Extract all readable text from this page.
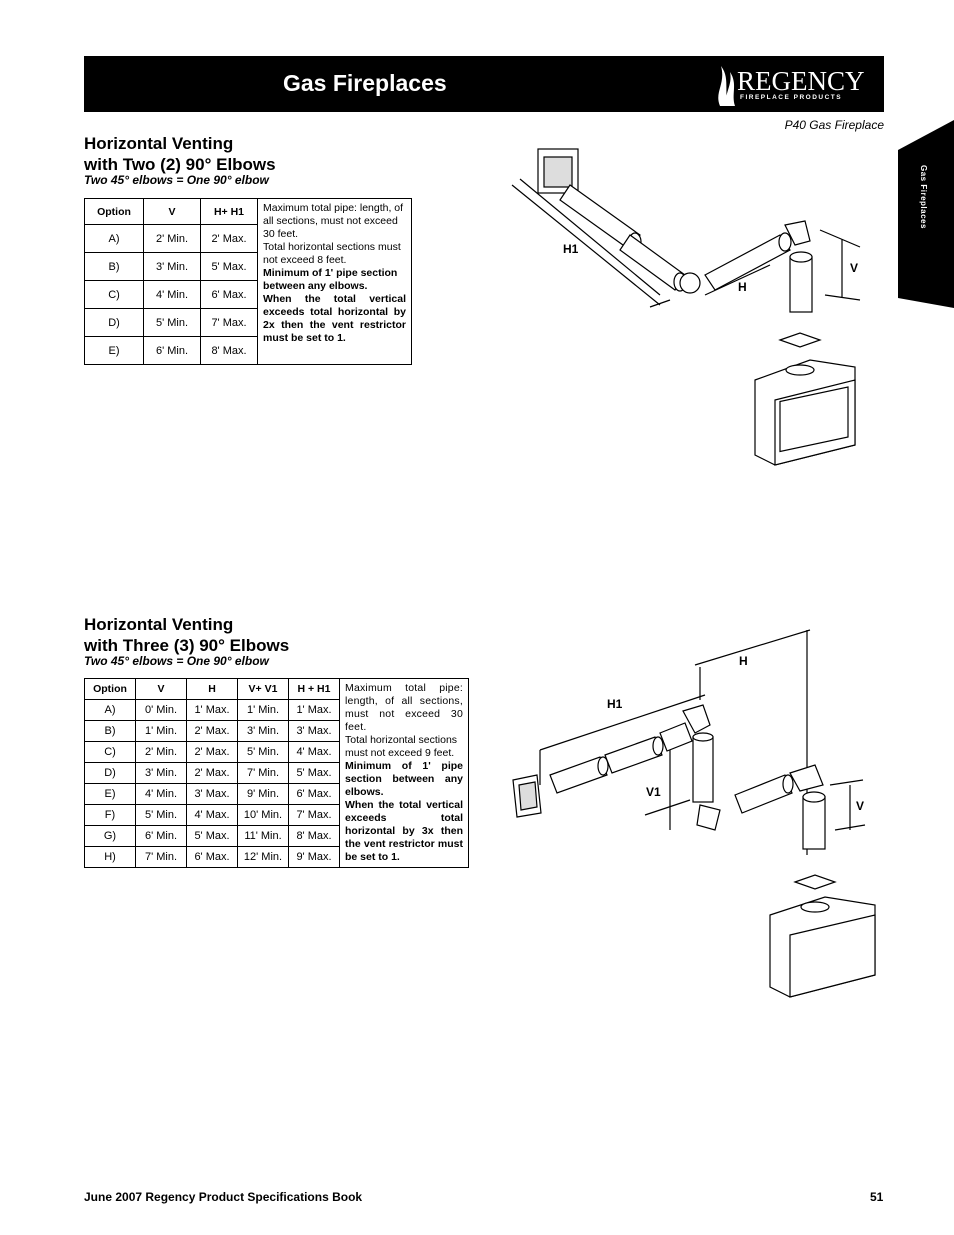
Gas Fireplaces	REGENCY
FIREPLACE PRODUCTS
P40 Gas Fireplace
Gas Fireplaces
Horizontal Venting
with Two (2) 90° Elbows
Two 45° elbows = One 90° elbow
Option	V	H+ H1	Maximum total pipe: length, of all sections, must not exceed 30 feet.
Total horizontal sections must not exceed 8 feet.
Minimum of 1' pipe section between any elbows.

When the total vertical exceeds total horizontal by 2x then the vent restrictor must be set to 1.

A)	2' Min.	2' Max.	
B)	3' Min.	5' Max.	
C)	4' Min.	6' Max.	
D)	5' Min.	7' Max.	
E)	6' Min.	8' Max.	
H1
H
V
Horizontal Venting
with Three (3) 90° Elbows
Two 45° elbows = One 90° elbow
Option	V	H	V+ V1	H + H1	Maximum total pipe: length, of all sections, must not exceed 30 feet.
Total horizontal sections must not exceed 9 feet.
Minimum of 1' pipe section between any elbows.
When the total vertical exceeds total horizontal by 3x then the vent restrictor must be set to 1.

A)	0' Min.	1' Max.	1' Min.	1' Max.	
B)	1' Min.	2' Max.	3' Min.	3' Max.	
C)	2' Min.	2' Max.	5' Min.	4' Max.	
D)	3' Min.	2' Max.	7' Min.	5' Max.	
E)	4' Min.	3' Max.	9' Min.	6' Max.	
F)	5' Min.	4' Max.	10' Min.	7' Max.	
G)	6' Min.	5' Max.	11' Min.	8' Max.	
H)	7' Min.	6' Max.	12' Min.	9' Max.	
H
H1
V1
V
June 2007 Regency Product Specifications Book	51
